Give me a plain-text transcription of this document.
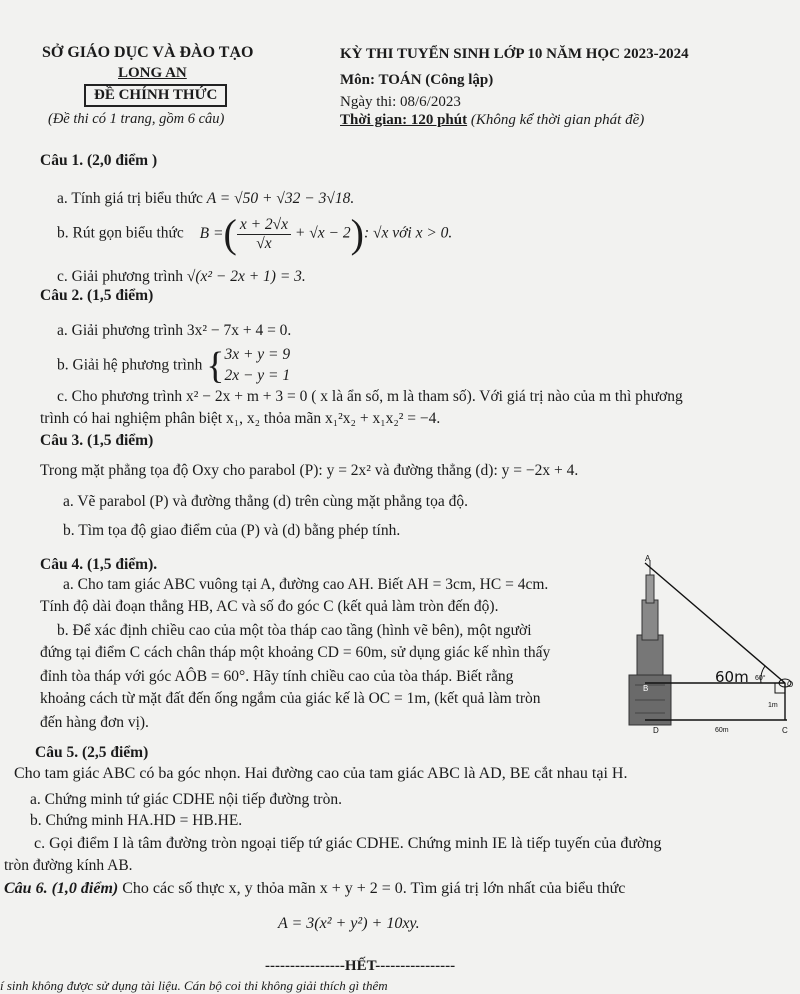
SỞ GIÁO DỤC VÀ ĐÀO TẠO
LONG AN
ĐỀ CHÍNH THỨC
(Đề thi có 1 trang, gồm 6 câu)
KỲ THI TUYỂN SINH LỚP 10 NĂM HỌC 2023-2024
Môn: TOÁN (Công lập)
Ngày thi: 08/6/2023
Thời gian: 120 phút (Không kể thời gian phát đề)
Câu 1. (2,0 điểm )
a. Tính giá trị biểu thức A = √50 + √32 − 3√18.
b. Rút gọn biểu thức B =( $\frac{x + 2√x}{√x} + √x - 2$): √x với x > 0.
c. Giải phương trình √(x² − 2x + 1) = 3.
Câu 2. (1,5 điểm)
a. Giải phương trình 3x² − 7x + 4 = 0.
b. Giải hệ phương trình {3x + y = 9
2x − y = 1
c. Cho phương trình x² − 2x + m + 3 = 0 ( x là ẩn số, m là tham số). Với giá trị nào của m thì phương
trình có hai nghiệm phân biệt x₁, x₂ thỏa mãn x₁²x₂ + x₁x₂² = −4.
Câu 3. (1,5 điểm)
Trong mặt phẳng tọa độ Oxy cho parabol (P): y = 2x² và đường thẳng (d): y = −2x + 4.
a. Vẽ parabol (P) và đường thẳng (d) trên cùng mặt phẳng tọa độ.
b. Tìm tọa độ giao điểm của (P) và (d) bằng phép tính.
Câu 4. (1,5 điểm).
a. Cho tam giác ABC vuông tại A, đường cao AH. Biết AH = 3cm, HC = 4cm.
Tính độ dài đoạn thẳng HB, AC và số đo góc C (kết quả làm tròn đến độ).
b. Để xác định chiều cao của một tòa tháp cao tầng (hình vẽ bên), một người
đứng tại điểm C cách chân tháp một khoảng CD = 60m, sử dụng giác kế nhìn thấy
đỉnh tòa tháp với góc AÔB = 60°. Hãy tính chiều cao của tòa tháp. Biết rằng
khoảng cách từ mặt đất đến ống ngắm của giác kế là OC = 1m, (kết quả làm tròn
đến hàng đơn vị).
A
B	O
D	C
60m 60°
1m
60m
Câu 5. (2,5 điểm)
Cho tam giác ABC có ba góc nhọn. Hai đường cao của tam giác ABC là AD, BE cắt nhau tại H.
a. Chứng minh tứ giác CDHE nội tiếp đường tròn.
b. Chứng minh HA.HD = HB.HE.
c. Gọi điểm I là tâm đường tròn ngoại tiếp tứ giác CDHE. Chứng minh IE là tiếp tuyến của đường
tròn đường kính AB.
Câu 6. (1,0 điểm) Cho các số thực x, y thỏa mãn x + y + 2 = 0. Tìm giá trị lớn nhất của biểu thức
A = 3(x² + y²) + 10xy.
----------------HẾT----------------
í sinh không được sử dụng tài liệu. Cán bộ coi thi không giải thích gì thêm
